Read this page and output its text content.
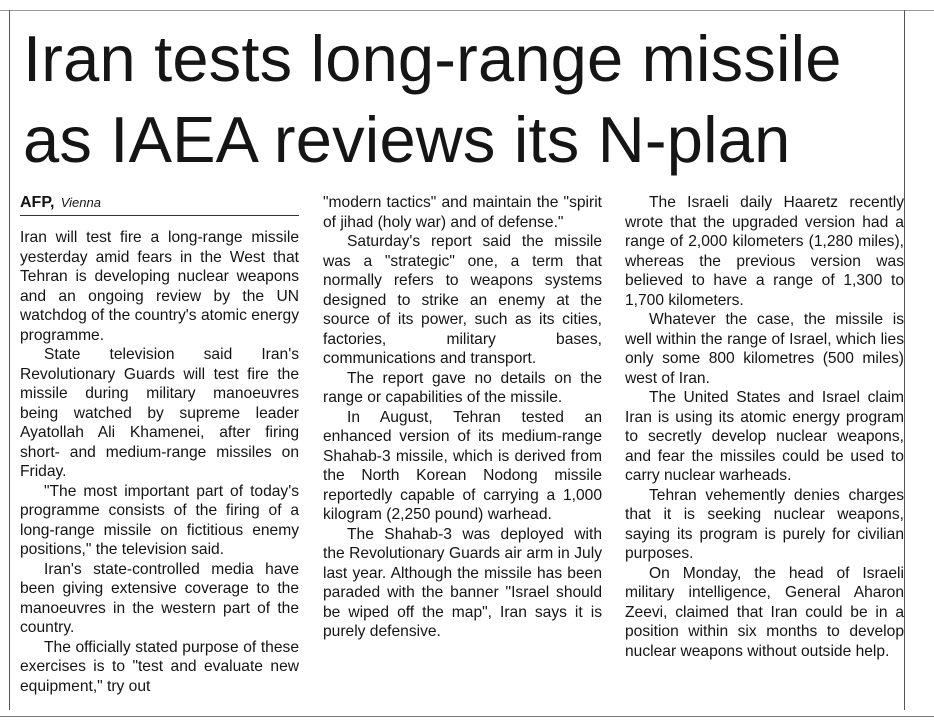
Iran tests long-range missile
as IAEA reviews its N-plan
AFP, Vienna

Iran will test fire a long-range missile yesterday amid fears in the West that Tehran is developing nuclear weapons and an ongoing review by the UN watchdog of the country's atomic energy programme.

State television said Iran's Revolutionary Guards will test fire the missile during military manoeuvres being watched by supreme leader Ayatollah Ali Khamenei, after firing short- and medium-range missiles on Friday.

"The most important part of today's programme consists of the firing of a long-range missile on fictitious enemy positions," the television said.

Iran's state-controlled media have been giving extensive coverage to the manoeuvres in the western part of the country.

The officially stated purpose of these exercises is to "test and evaluate new equipment," try out

"modern tactics" and maintain the "spirit of jihad (holy war) and of defense."

Saturday's report said the missile was a "strategic" one, a term that normally refers to weapons systems designed to strike an enemy at the source of its power, such as its cities, factories, military bases, communications and transport.

The report gave no details on the range or capabilities of the missile.

In August, Tehran tested an enhanced version of its medium-range Shahab-3 missile, which is derived from the North Korean Nodong missile reportedly capable of carrying a 1,000 kilogram (2,250 pound) warhead.

The Shahab-3 was deployed with the Revolutionary Guards air arm in July last year. Although the missile has been paraded with the banner "Israel should be wiped off the map", Iran says it is purely defensive.

The Israeli daily Haaretz recently wrote that the upgraded version had a range of 2,000 kilometers (1,280 miles), whereas the previous version was believed to have a range of 1,300 to 1,700 kilometers.

Whatever the case, the missile is well within the range of Israel, which lies only some 800 kilometres (500 miles) west of Iran.

The United States and Israel claim Iran is using its atomic energy program to secretly develop nuclear weapons, and fear the missiles could be used to carry nuclear warheads.

Tehran vehemently denies charges that it is seeking nuclear weapons, saying its program is purely for civilian purposes.

On Monday, the head of Israeli military intelligence, General Aharon Zeevi, claimed that Iran could be in a position within six months to develop nuclear weapons without outside help.
